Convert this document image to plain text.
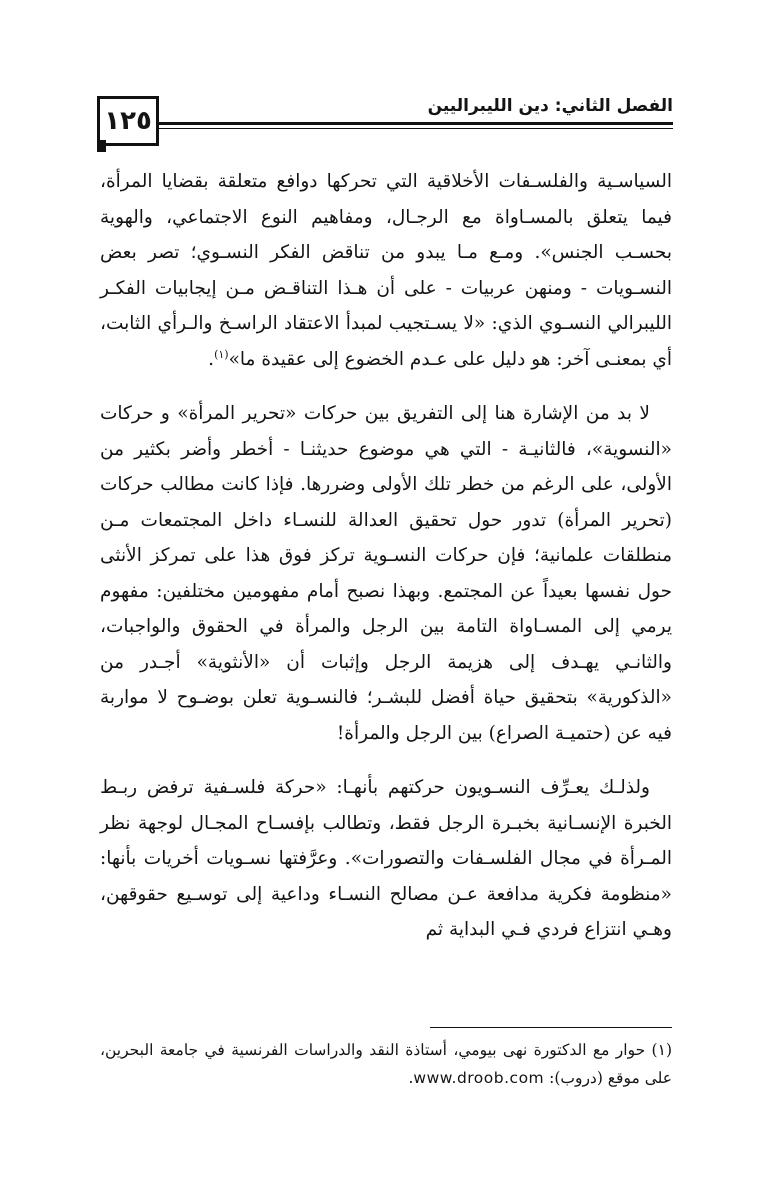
١٢٥	الفصل الثاني: دين الليبراليين

السياسـية والفلسـفات الأخلاقية التي تحركها دوافع متعلقة بقضايا المرأة، فيما يتعلق بالمسـاواة مع الرجـال، ومفاهيم النوع الاجتماعي، والهوية بحسـب الجنس». ومـع مـا يبدو من تناقض الفكر النسـوي؛ تصر بعض النسـويات - ومنهن عربيات - على أن هـذا التناقـض مـن إيجابيات الفكـر الليبرالي النسـوي الذي: «لا يسـتجيب لمبدأ الاعتقاد الراسـخ والـرأي الثابت، أي بمعنـى آخر: هو دليل على عـدم الخضوع إلى عقيدة ما»$^{(١)}$.

لا بد من الإشارة هنا إلى التفريق بين حركات «تحرير المرأة» و حركات «النسوية»، فالثانيـة - التي هي موضوع حديثنـا - أخطر وأضر بكثير من الأولى، على الرغم من خطر تلك الأولى وضررها. فإذا كانت مطالب حركات (تحرير المرأة) تدور حول تحقيق العدالة للنسـاء داخل المجتمعات مـن منطلقات علمانية؛ فإن حركات النسـوية تركز فوق هذا على تمركز الأنثى حول نفسها بعيداً عن المجتمع. وبهذا نصبح أمام مفهومين مختلفين: مفهوم يرمي إلى المسـاواة التامة بين الرجل والمرأة في الحقوق والواجبات، والثانـي يهـدف إلى هزيمة الرجل وإثبات أن «الأنثوية» أجـدر من «الذكورية» بتحقيق حياة أفضل للبشـر؛ فالنسـوية تعلن بوضـوح لا مواربة فيه عن (حتميـة الصراع) بين الرجل والمرأة!

ولذلـك يعـرِّف النسـويون حركتهم بأنهـا: «حركة فلسـفية ترفض ربـط الخبرة الإنسـانية بخبـرة الرجل فقط، وتطالب بإفسـاح المجـال لوجهة نظر المـرأة في مجال الفلسـفات والتصورات». وعرَّفتها نسـويات أخريات بأنها: «منظومة فكرية مدافعة عـن مصالح النسـاء وداعية إلى توسـيع حقوقهن، وهـي انتزاع فردي فـي البداية ثم

(١) حوار مع الدكتورة نهى بيومي، أستاذة النقد والدراسات الفرنسية في جامعة البحرين، على موقع (دروب): www.droob.com.
